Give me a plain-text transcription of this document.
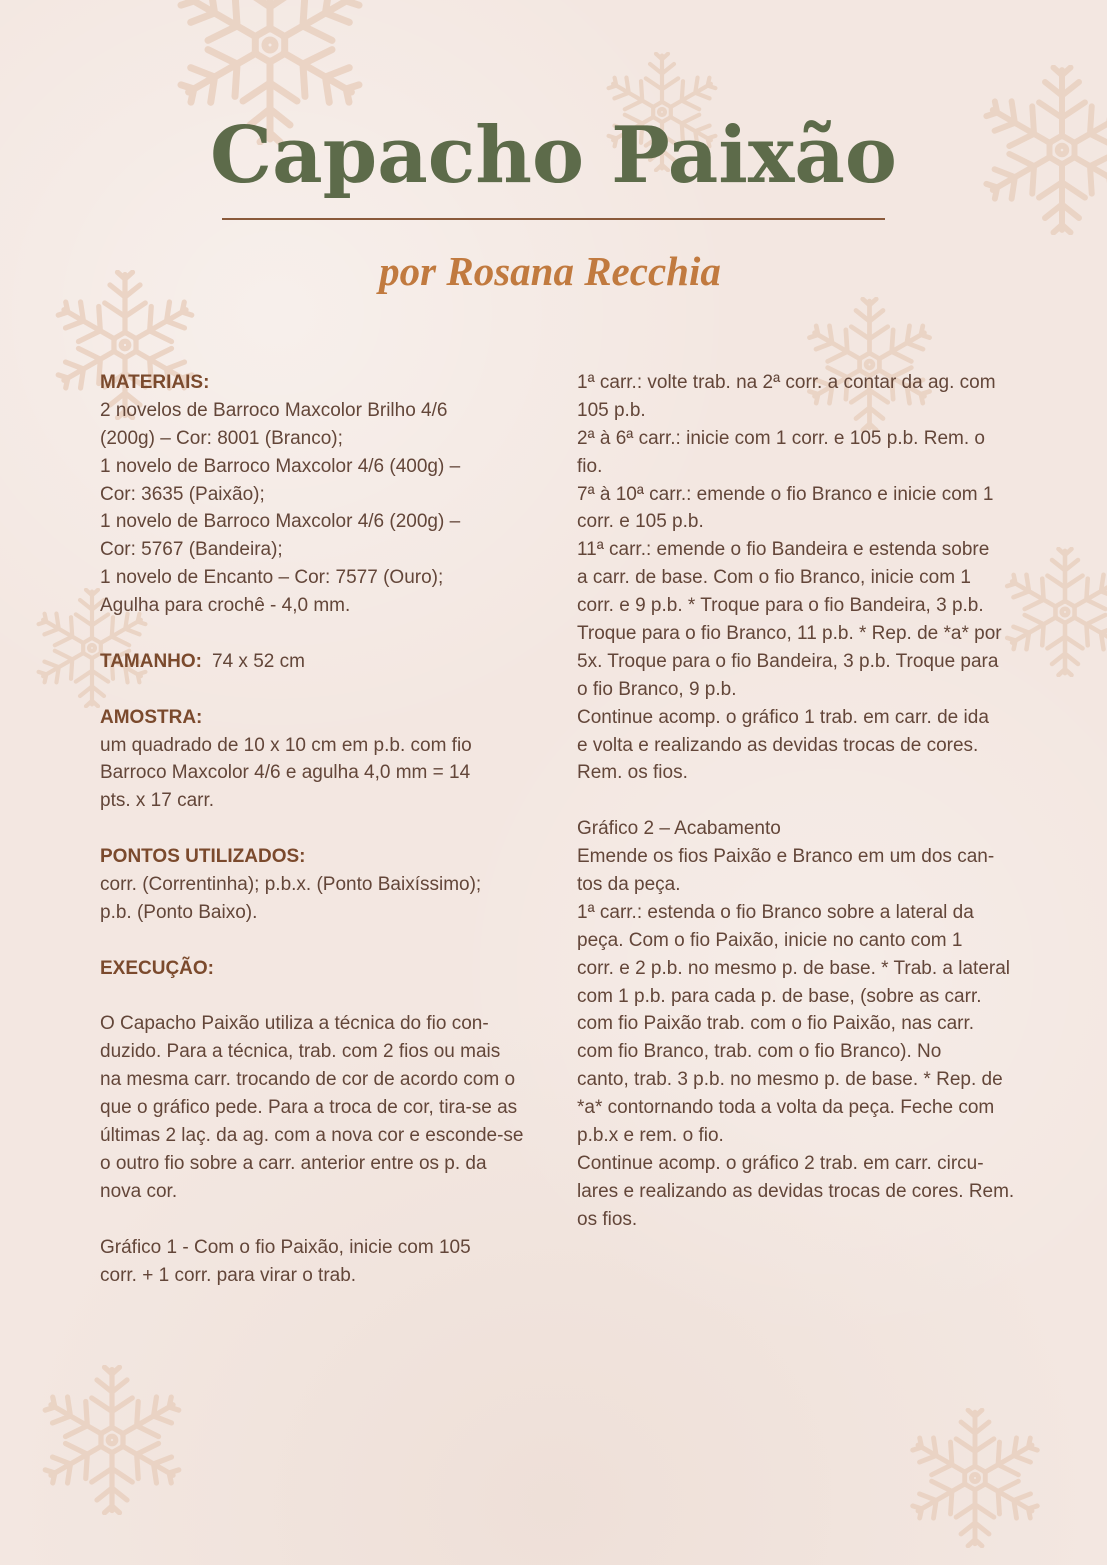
Capacho Paixão
por Rosana Recchia
MATERIAIS:
2 novelos de Barroco Maxcolor Brilho 4/6
(200g) – Cor: 8001 (Branco);
1 novelo de Barroco Maxcolor 4/6 (400g) –
Cor: 3635 (Paixão);
1 novelo de Barroco Maxcolor 4/6 (200g) –
Cor: 5767 (Bandeira);
1 novelo de Encanto – Cor: 7577 (Ouro);
Agulha para crochê - 4,0 mm.
TAMANHO: 74 x 52 cm
AMOSTRA:
um quadrado de 10 x 10 cm em p.b. com fio
Barroco Maxcolor 4/6 e agulha 4,0 mm = 14
pts. x 17 carr.
PONTOS UTILIZADOS:
corr. (Correntinha); p.b.x. (Ponto Baixíssimo);
p.b. (Ponto Baixo).
EXECUÇÃO:
O Capacho Paixão utiliza a técnica do fio con-
duzido. Para a técnica, trab. com 2 fios ou mais
na mesma carr. trocando de cor de acordo com o
que o gráfico pede. Para a troca de cor, tira-se as
últimas 2 laç. da ag. com a nova cor e esconde-se
o outro fio sobre a carr. anterior entre os p. da
nova cor.
Gráfico 1 - Com o fio Paixão, inicie com 105
corr. + 1 corr. para virar o trab.
1ª carr.: volte trab. na 2ª corr. a contar da ag. com
105 p.b.
2ª à 6ª carr.: inicie com 1 corr. e 105 p.b. Rem. o
fio.
7ª à 10ª carr.: emende o fio Branco e inicie com 1
corr. e 105 p.b.
11ª carr.: emende o fio Bandeira e estenda sobre
a carr. de base. Com o fio Branco, inicie com 1
corr. e 9 p.b. * Troque para o fio Bandeira, 3 p.b.
Troque para o fio Branco, 11 p.b. * Rep. de *a* por
5x. Troque para o fio Bandeira, 3 p.b. Troque para
o fio Branco, 9 p.b.
Continue acomp. o gráfico 1 trab. em carr. de ida
e volta e realizando as devidas trocas de cores.
Rem. os fios.
Gráfico 2 – Acabamento
Emende os fios Paixão e Branco em um dos can-
tos da peça.
1ª carr.: estenda o fio Branco sobre a lateral da
peça. Com o fio Paixão, inicie no canto com 1
corr. e 2 p.b. no mesmo p. de base. * Trab. a lateral
com 1 p.b. para cada p. de base, (sobre as carr.
com fio Paixão trab. com o fio Paixão, nas carr.
com fio Branco, trab. com o fio Branco). No
canto, trab. 3 p.b. no mesmo p. de base. * Rep. de
*a* contornando toda a volta da peça. Feche com
p.b.x e rem. o fio.
Continue acomp. o gráfico 2 trab. em carr. circu-
lares e realizando as devidas trocas de cores. Rem.
os fios.
